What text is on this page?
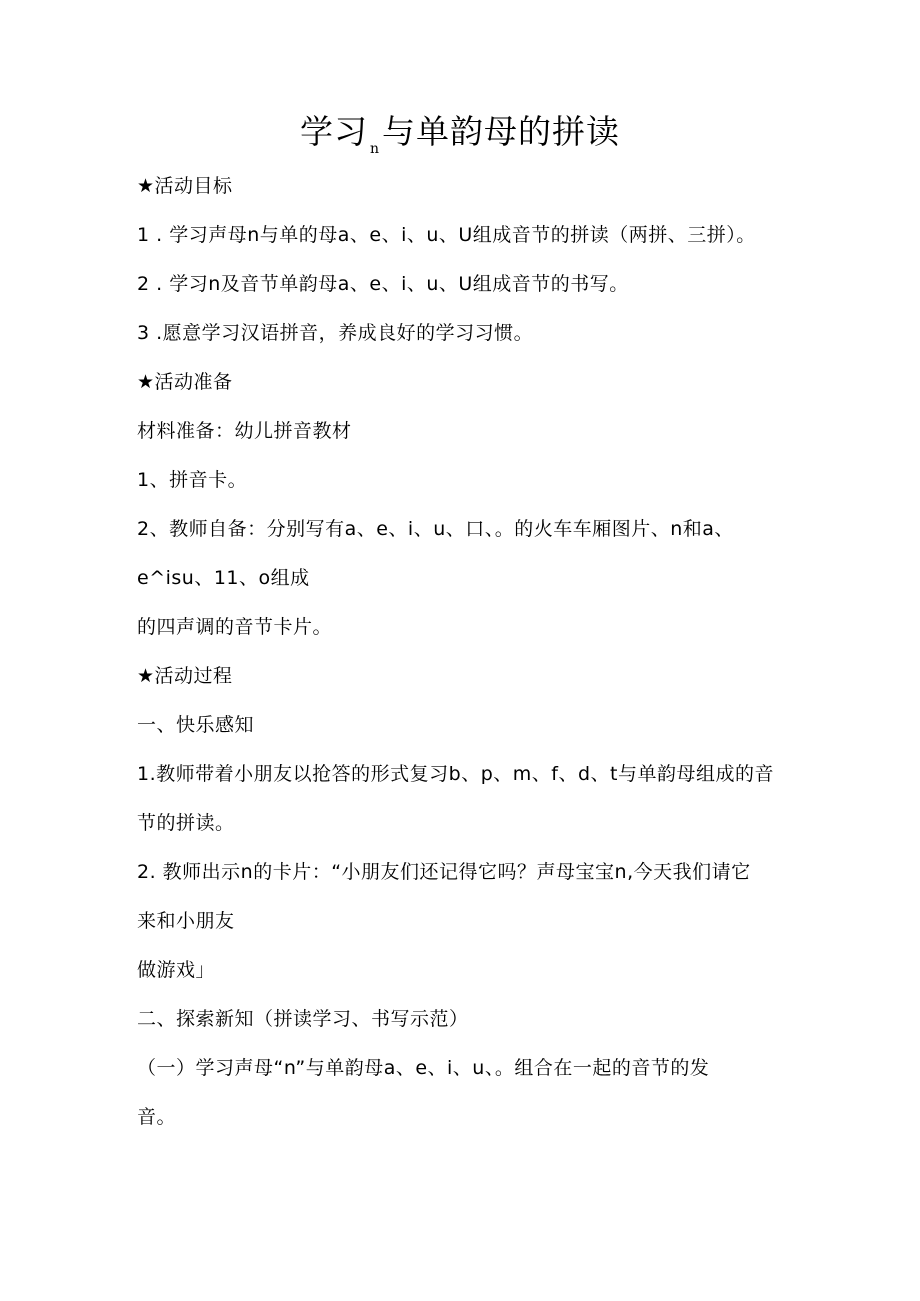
学习 $_n$与单韵母的拼读
★活动目标
1 . 学习声母n与单的母a、e、i、u、U组成音节的拼读（两拼、三拼）。
2 . 学习n及音节单韵母a、e、i、u、U组成音节的书写。
3 .愿意学习汉语拼音，养成良好的学习习惯。
★活动准备
材料准备：幼儿拼音教材
1、拼音卡。
2、教师自备：分别写有a、e、i、u、口、。的火车车厢图片、n和a、
e^isu、11、o组成
的四声调的音节卡片。
★活动过程
一、快乐感知
1.教师带着小朋友以抢答的形式复习b、p、m、f、d、t与单韵母组成的音
节的拼读。
2. 教师出示n的卡片：“小朋友们还记得它吗？声母宝宝n,今天我们请它
来和小朋友
做游戏」
二、探索新知（拼读学习、书写示范）
（一）学习声母“n”与单韵母a、e、i、u、。组合在一起的音节的发
音。
